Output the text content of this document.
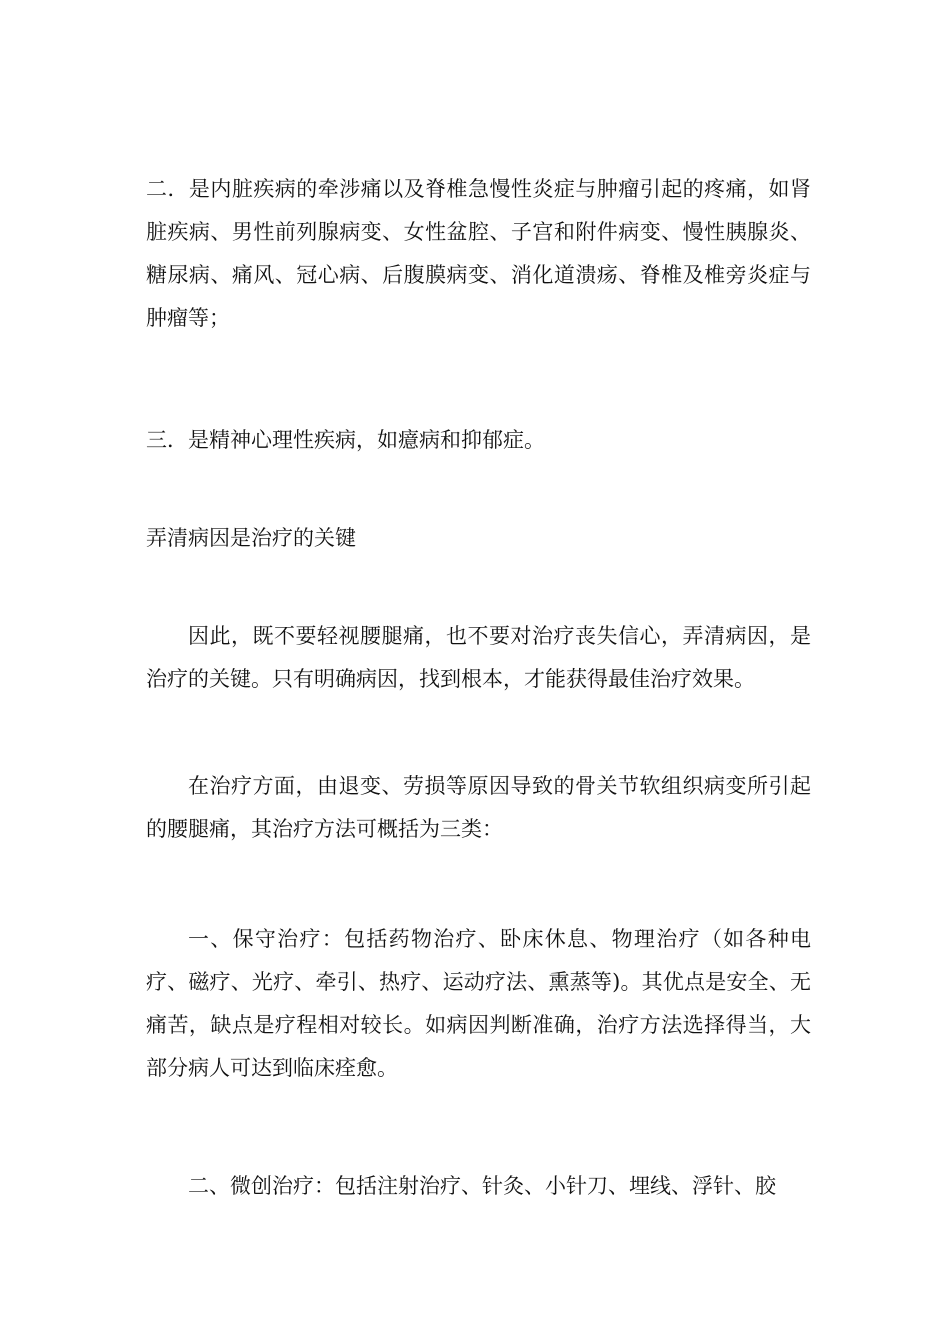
二．是内脏疾病的牵涉痛以及脊椎急慢性炎症与肿瘤引起的疼痛，如肾脏疾病、男性前列腺病变、女性盆腔、子宫和附件病变、慢性胰腺炎、糖尿病、痛风、冠心病、后腹膜病变、消化道溃疡、脊椎及椎旁炎症与肿瘤等；

三．是精神心理性疾病，如癔病和抑郁症。

弄清病因是治疗的关键

因此，既不要轻视腰腿痛，也不要对治疗丧失信心，弄清病因，是治疗的关键。只有明确病因，找到根本，才能获得最佳治疗效果。

在治疗方面，由退变、劳损等原因导致的骨关节软组织病变所引起的腰腿痛，其治疗方法可概括为三类：

一、保守治疗：包括药物治疗、卧床休息、物理治疗（如各种电疗、磁疗、光疗、牵引、热疗、运动疗法、熏蒸等)。其优点是安全、无痛苦，缺点是疗程相对较长。如病因判断准确，治疗方法选择得当，大部分病人可达到临床痊愈。

二、微创治疗：包括注射治疗、针灸、小针刀、埋线、浮针、胶
